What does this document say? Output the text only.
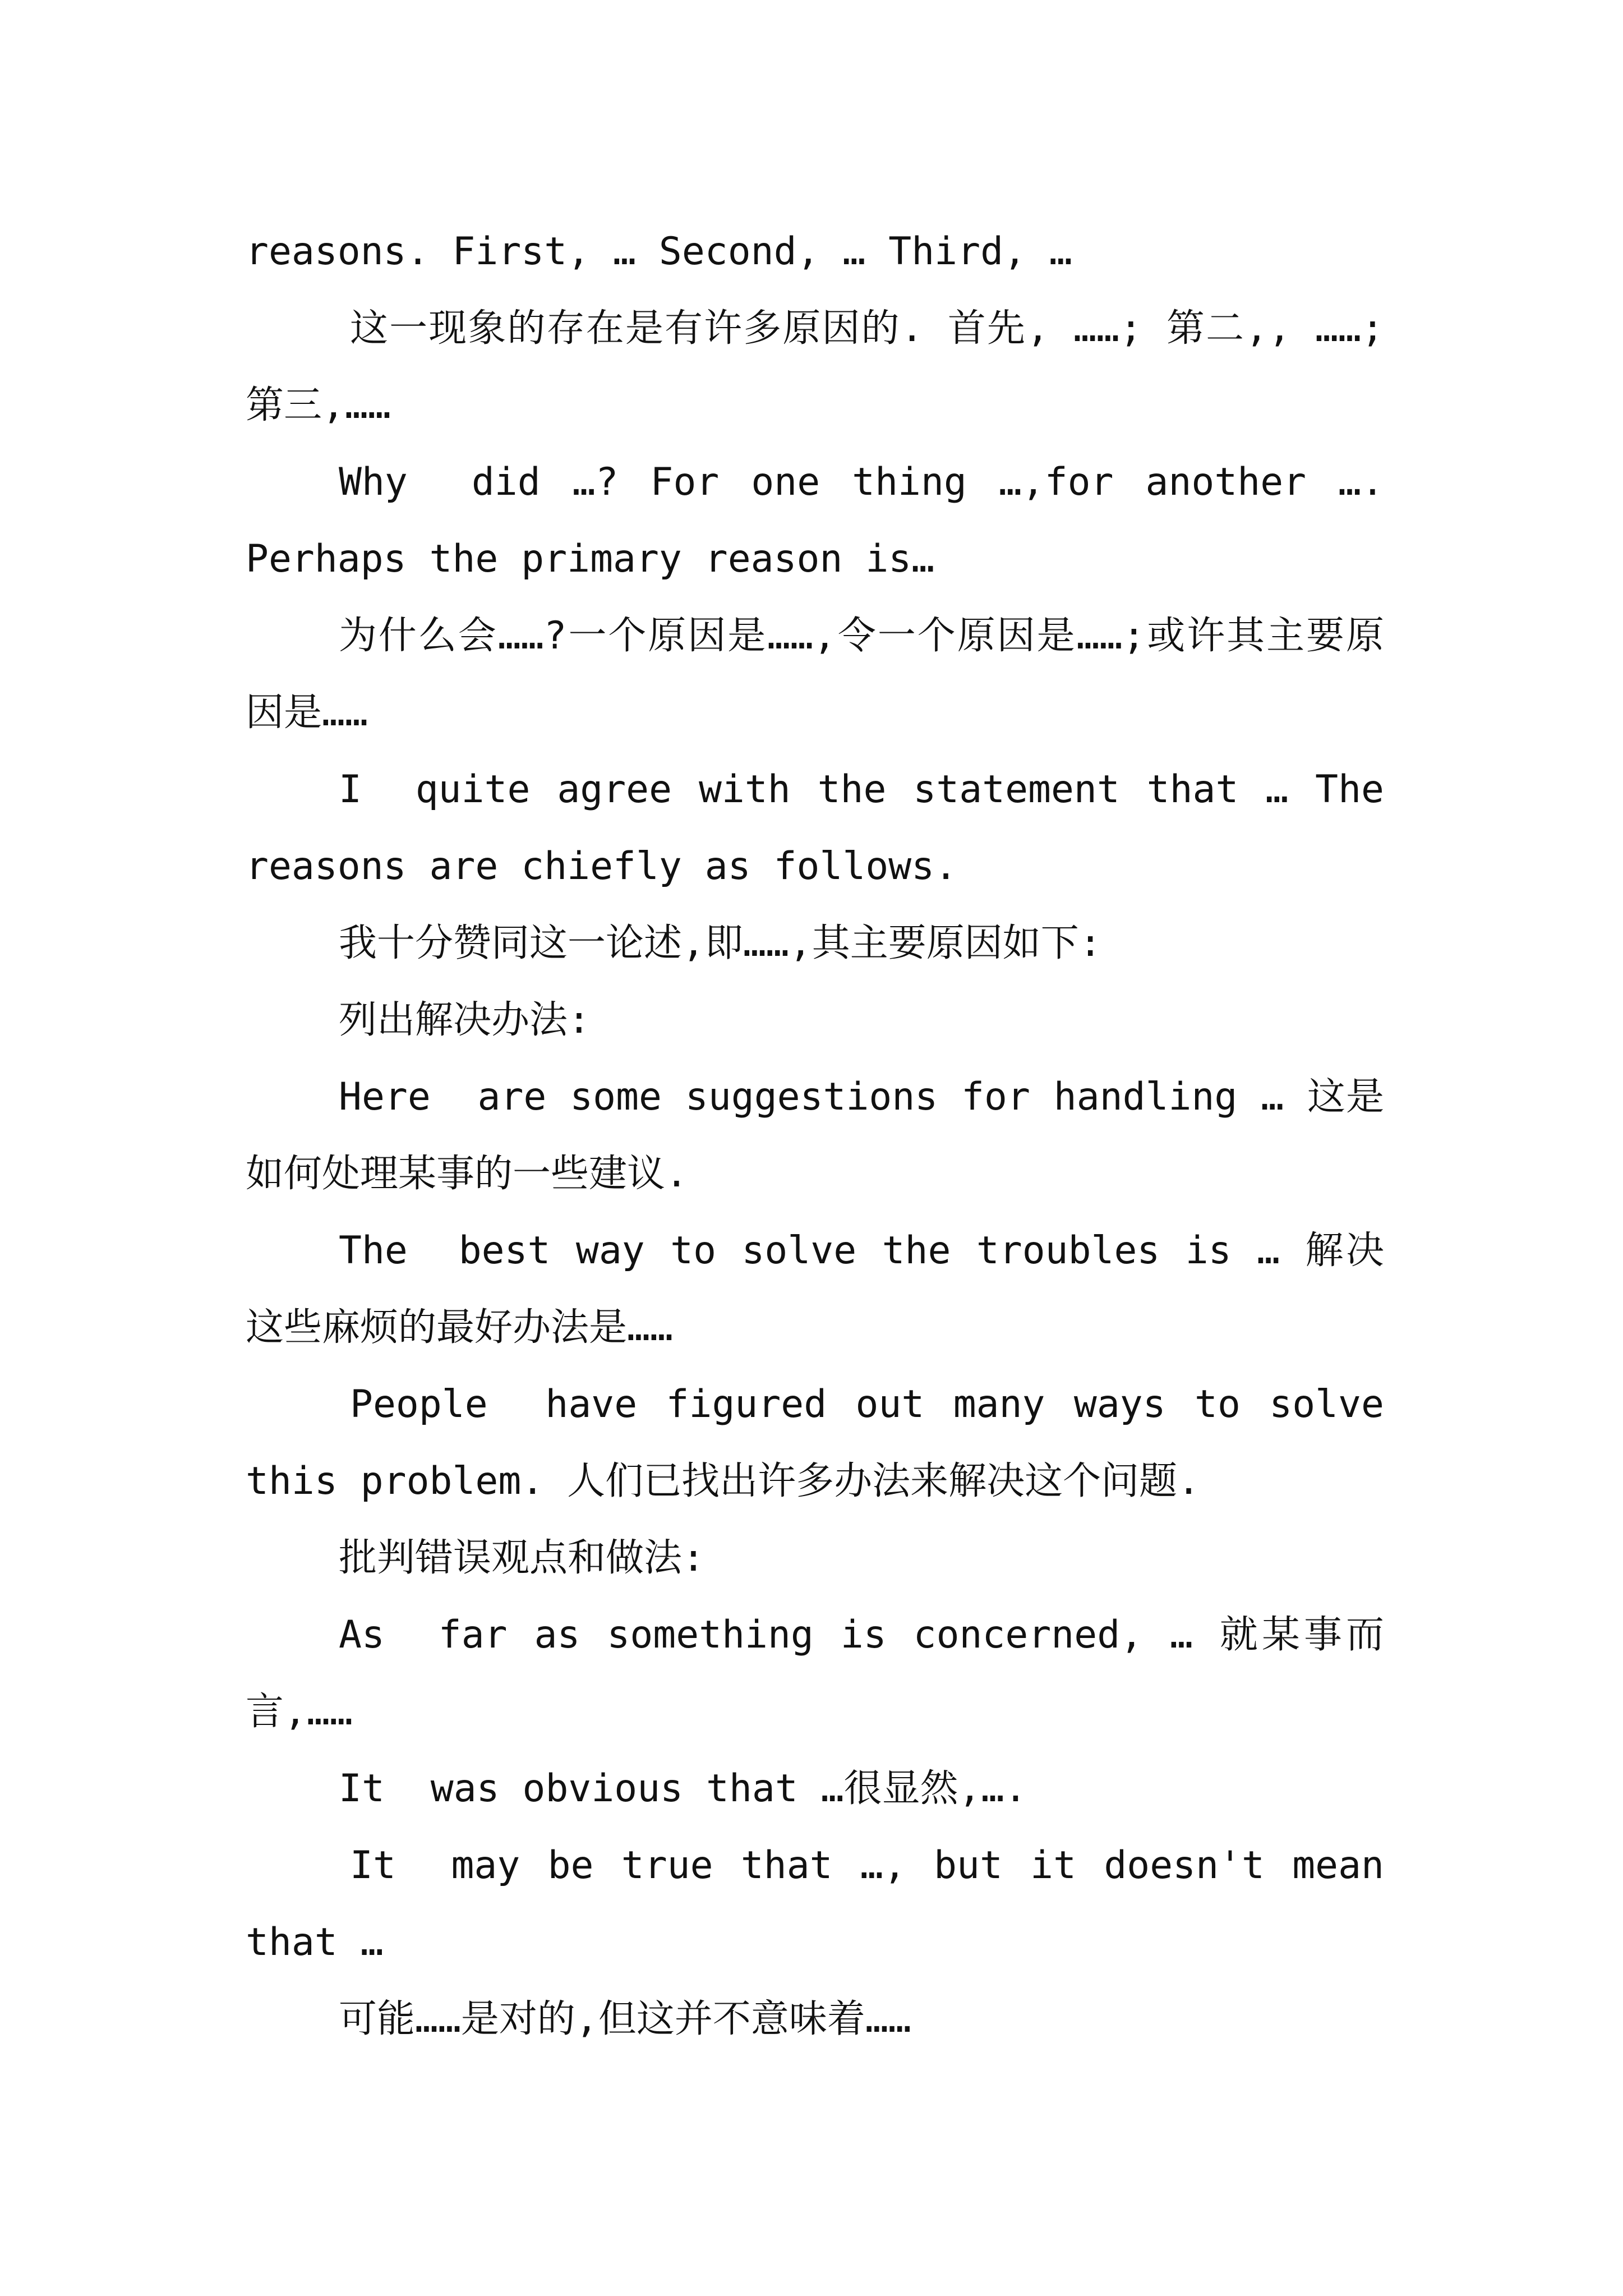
reasons. First, … Second, … Third, …

这一现象的存在是有许多原因的. 首先, ……; 第二,, ……;第三,……

Why  did …? For one thing …,for another …. Perhaps the primary reason is…

为什么会……?一个原因是……,令一个原因是……;或许其主要原因是……

I  quite agree with the statement that … The reasons are chiefly as follows.

我十分赞同这一论述,即……,其主要原因如下:

列出解决办法:

Here  are some suggestions for handling … 这是如何处理某事的一些建议.

The  best way to solve the troubles is … 解决这些麻烦的最好办法是……

People  have figured out many ways to solve this problem. 人们已找出许多办法来解决这个问题.

批判错误观点和做法:

As  far as something is concerned, … 就某事而言,……

It  was obvious that …很显然,….

It  may be true that …, but it doesn't mean that …

可能……是对的,但这并不意味着……
